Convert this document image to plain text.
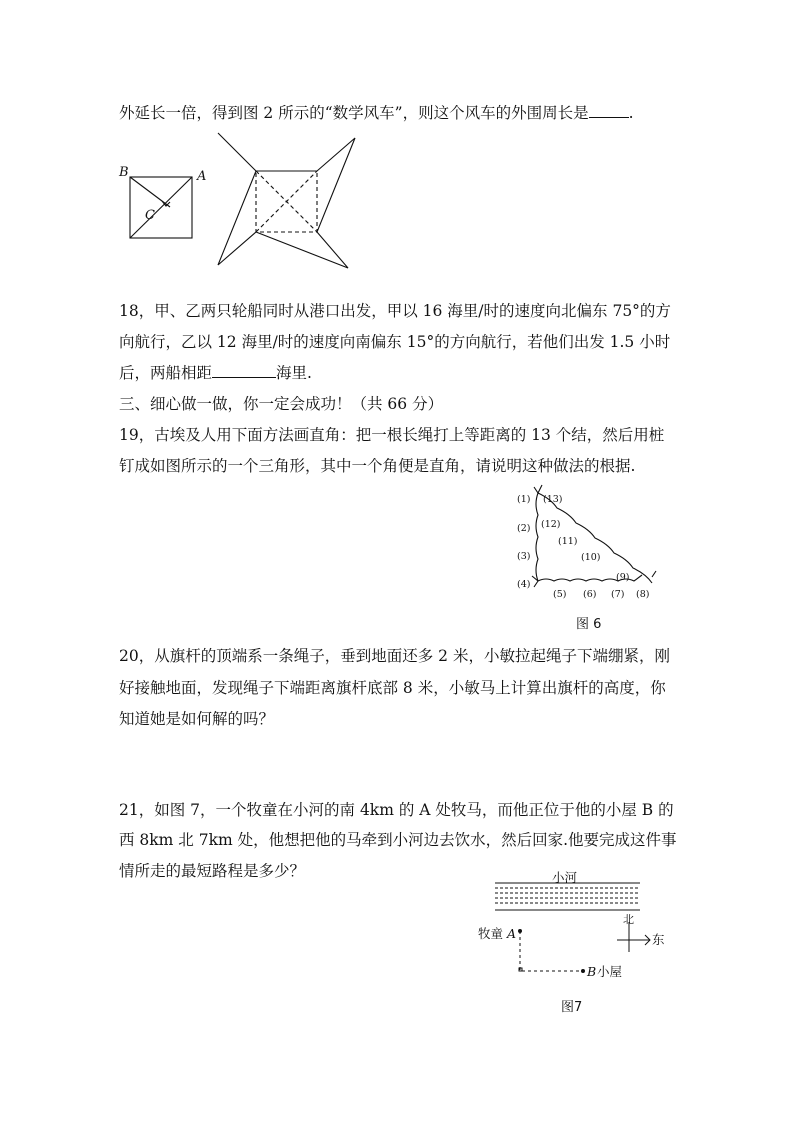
外延长一倍，得到图 2 所示的“数学风车”，则这个风车的外围周长是	.
B	A
C
18，甲、乙两只轮船同时从港口出发，甲以 16 海里/时的速度向北偏东 75°的方
向航行，乙以 12 海里/时的速度向南偏东 15°的方向航行，若他们出发 1.5 小时
后，两船相距	海里.
三、细心做一做，你一定会成功！（共 66 分）
19，古埃及人用下面方法画直角：把一根长绳打上等距离的 13 个结，然后用桩
钉成如图所示的一个三角形，其中一个角便是直角，请说明这种做法的根据.
(1)
(2)
(3)
(4)
(5) (6) (7) (8)
(9)
(10)
(11)
(12)
(13)
图 6
20，从旗杆的顶端系一条绳子，垂到地面还多 2 米，小敏拉起绳子下端绷紧，刚
好接触地面，发现绳子下端距离旗杆底部 8 米，小敏马上计算出旗杆的高度，你
知道她是如何解的吗？
21，如图 7，一个牧童在小河的南 4km 的 A 处牧马，而他正位于他的小屋 B 的
西 8km 北 7km 处，他想把他的马牵到小河边去饮水，然后回家.他要完成这件事
情所走的最短路程是多少？	小河
北
东
牧童 A
B 小屋
图7
